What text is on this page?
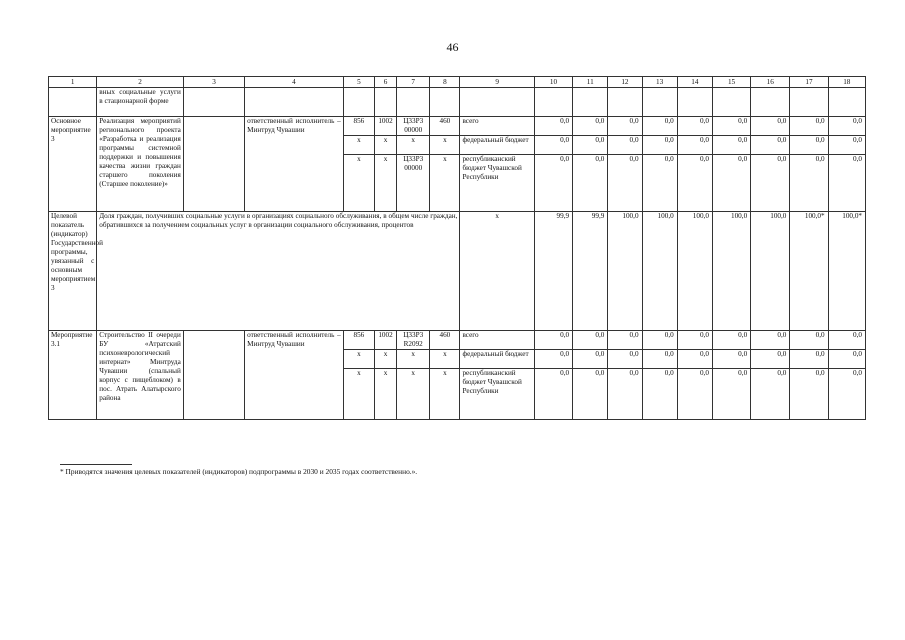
46
1	2	3	4	5	6	7	8	9	10	11	12	13	14	15	16	17	18
	вных социальные услуги в стационарной форме																
Основное мероприятие 3	Реализация мероприятий регионального проекта «Разработка и реализация программы системной поддержки и повышения качества жизни граждан старшего поколения (Старшее поколение)»		ответственный исполнитель – Минтруд Чувашии	856	1002	Ц33Р3 00000	460	всего	0,0	0,0	0,0	0,0	0,0	0,0	0,0	0,0	0,0
				x	x	x	x	федеральный бюджет	0,0	0,0	0,0	0,0	0,0	0,0	0,0	0,0	0,0
				x	x	Ц33Р3 00000	x	республиканский бюджет Чувашской Республики	0,0	0,0	0,0	0,0	0,0	0,0	0,0	0,0	0,0
Целевой показатель (индикатор) Государственной программы, увязанный с основным мероприятием 3	Доля граждан, получивших социальные услуги в организациях социального обслуживания, в общем числе граждан, обратившихся за получением социальных услуг в организации социального обслуживания, процентов							x	99,9	99,9	100,0	100,0	100,0	100,0	100,0	100,0*	100,0*
Мероприятие 3.1	Строительство II очереди БУ «Атратский психоневрологический интернат» Минтруда Чувашии (спальный корпус с пищеблоком) в пос. Атрать Алатырского района		ответственный исполнитель – Минтруд Чувашии	856	1002	Ц33Р3 R2092	460	всего	0,0	0,0	0,0	0,0	0,0	0,0	0,0	0,0	0,0
				x	x	x	x	федеральный бюджет	0,0	0,0	0,0	0,0	0,0	0,0	0,0	0,0	0,0
				x	x	x	x	республиканский бюджет Чувашской Республики	0,0	0,0	0,0	0,0	0,0	0,0	0,0	0,0	0,0
* Приводятся значения целевых показателей (индикаторов) подпрограммы в 2030 и 2035 годах соответственно.».
